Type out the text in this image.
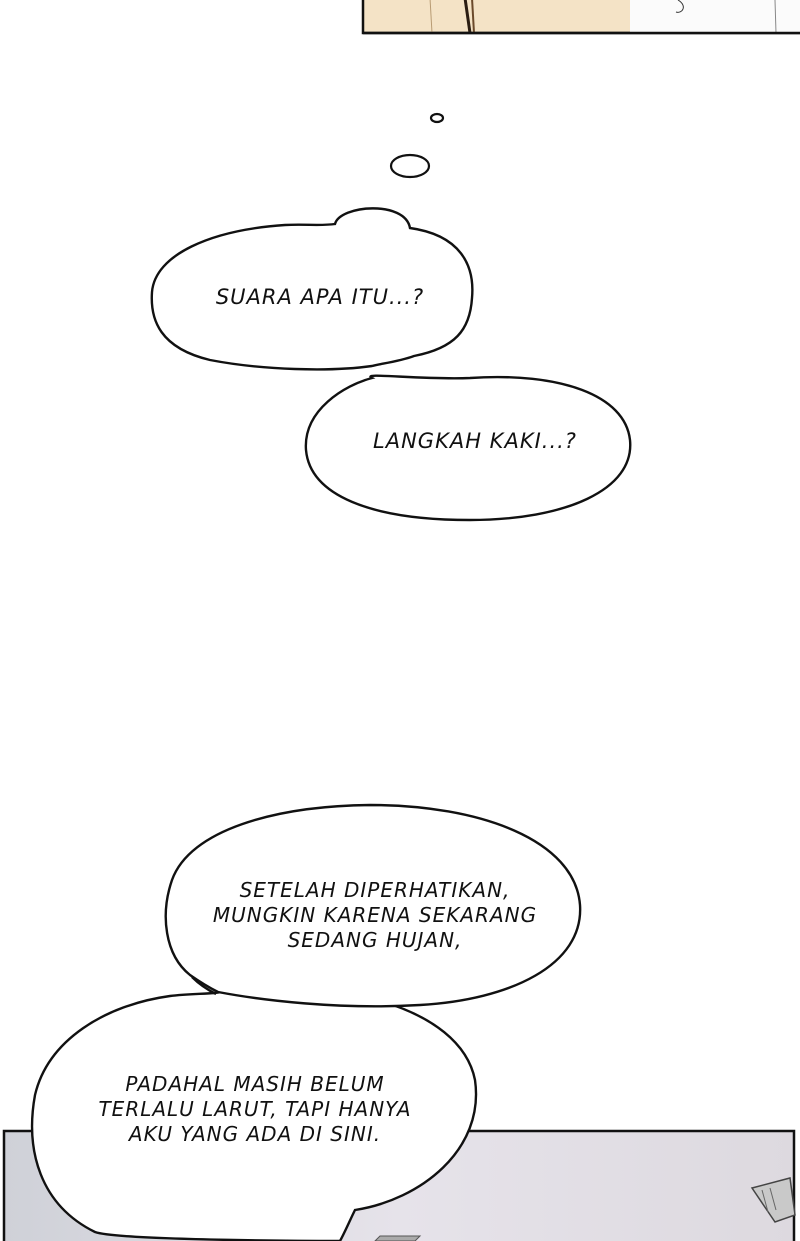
SUARA APA ITU...?
LANGKAH KAKI...?
SETELAH DIPERHATIKAN,
MUNGKIN KARENA SEKARANG
SEDANG HUJAN,
PADAHAL MASIH BELUM
TERLALU LARUT, TAPI HANYA
AKU YANG ADA DI SINI.
